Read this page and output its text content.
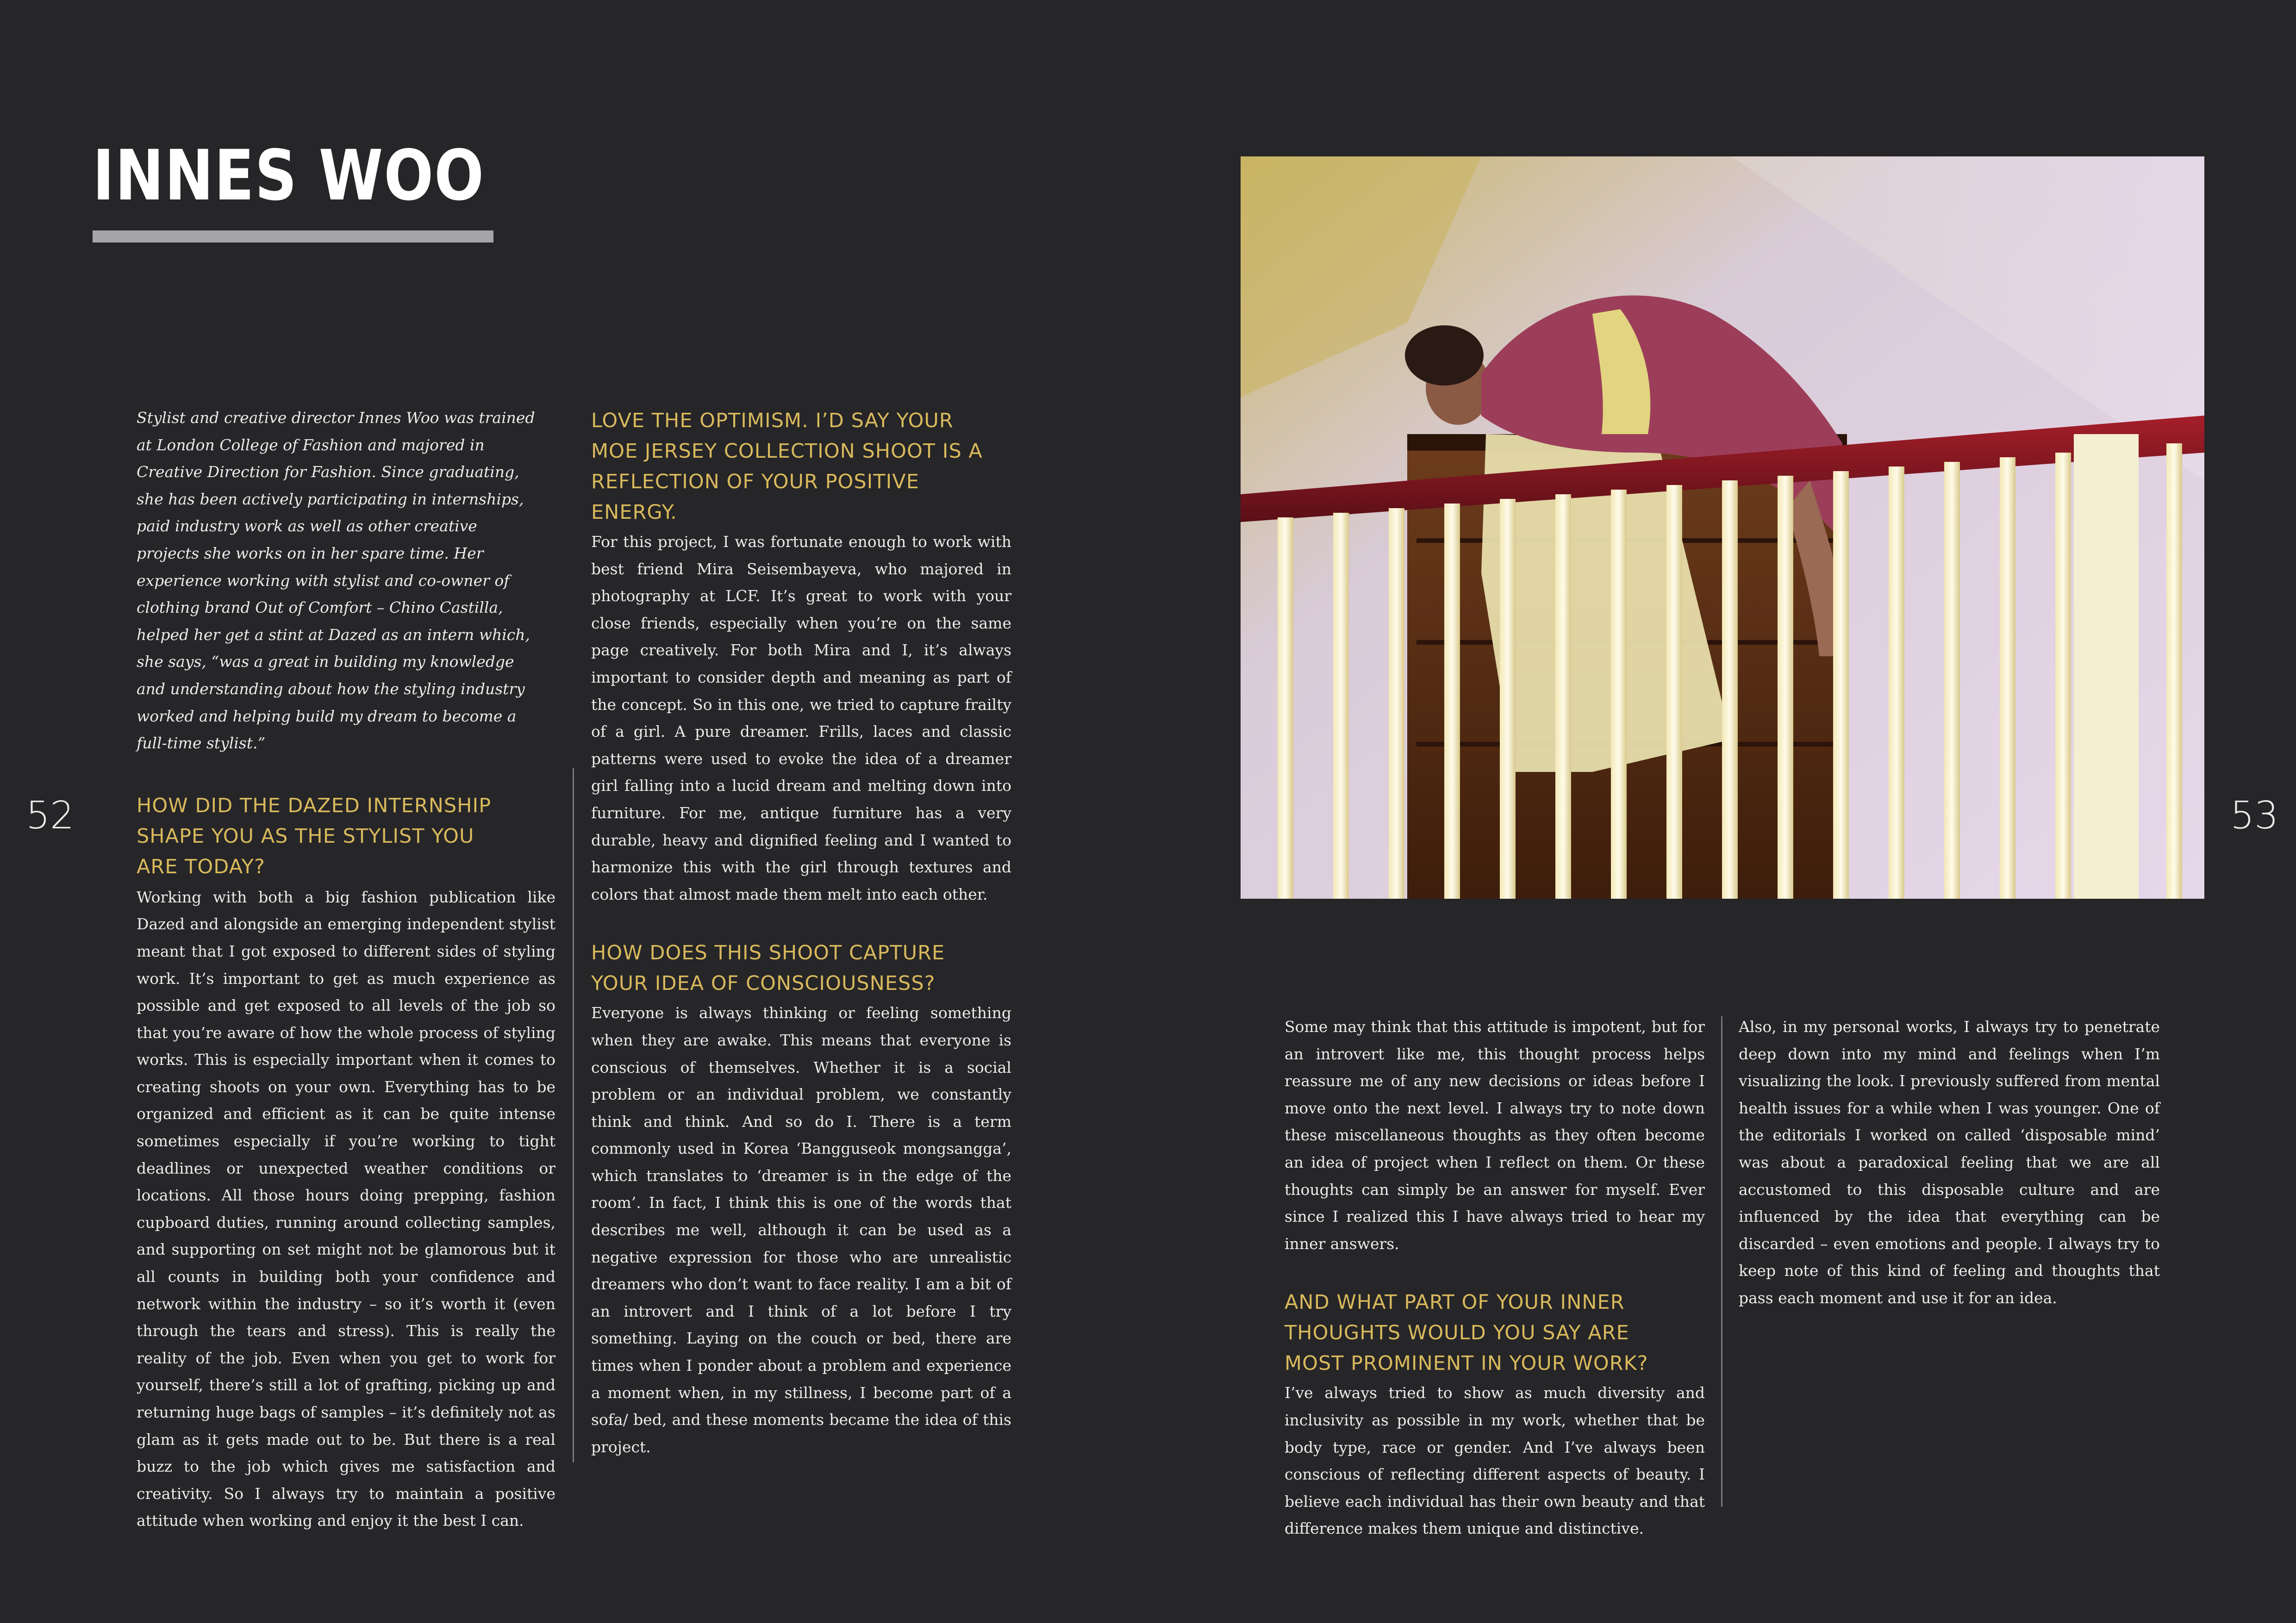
INNES WOO
52	53

Stylist and creative director Innes Woo was trained at London College of Fashion and majored in Creative Direction for Fashion. Since graduating, she has been actively participating in internships, paid industry work as well as other creative projects she works on in her spare time. Her experience working with stylist and co-owner of clothing brand Out of Comfort – Chino Castilla, helped her get a stint at Dazed as an intern which, she says, “was a great in building my knowledge and understanding about how the styling industry worked and helping build my dream to become a full-time stylist.”

HOW DID THE DAZED INTERNSHIP
SHAPE YOU AS THE STYLIST YOU
ARE TODAY?

Working with both a big fashion publication like Dazed and alongside an emerging independent stylist meant that I got exposed to different sides of styling work. It’s important to get as much experience as possible and get exposed to all levels of the job so that you’re aware of how the whole process of styling works. This is especially important when it comes to creating shoots on your own. Everything has to be organized and efficient as it can be quite intense sometimes especially if you’re working to tight deadlines or unexpected weather conditions or locations. All those hours doing prepping, fashion cupboard duties, running around collecting samples, and supporting on set might not be glamorous but it all counts in building both your confidence and network within the industry – so it’s worth it (even through the tears and stress). This is really the reality of the job. Even when you get to work for yourself, there’s still a lot of grafting, picking up and returning huge bags of samples – it’s definitely not as glam as it gets made out to be. But there is a real buzz to the job which gives me satisfaction and creativity. So I always try to maintain a positive attitude when working and enjoy it the best I can.

LOVE THE OPTIMISM. I’D SAY YOUR
MOE JERSEY COLLECTION SHOOT IS A
REFLECTION OF YOUR POSITIVE ENERGY.

For this project, I was fortunate enough to work with best friend Mira Seisembayeva, who majored in photography at LCF. It’s great to work with your close friends, especially when you’re on the same page creatively. For both Mira and I, it’s always important to consider depth and meaning as part of the concept. So in this one, we tried to capture frailty of a girl. A pure dreamer. Frills, laces and classic patterns were used to evoke the idea of a dreamer girl falling into a lucid dream and melting down into furniture. For me, antique furniture has a very durable, heavy and dignified feeling and I wanted to harmonize this with the girl through textures and colors that almost made them melt into each other.

HOW DOES THIS SHOOT CAPTURE
YOUR IDEA OF CONSCIOUSNESS?

Everyone is always thinking or feeling something when they are awake. This means that everyone is conscious of themselves. Whether it is a social problem or an individual problem, we constantly think and think. And so do I. There is a term commonly used in Korea ‘Bangguseok mongsangga’, which translates to ‘dreamer is in the edge of the room’. In fact, I think this is one of the words that describes me well, although it can be used as a negative expression for those who are unrealistic dreamers who don’t want to face reality. I am a bit of an introvert and I think of a lot before I try something. Laying on the couch or bed, there are times when I ponder about a problem and experience a moment when, in my stillness, I become part of a sofa/ bed, and these moments became the idea of this project.

Some may think that this attitude is impotent, but for an introvert like me, this thought process helps reassure me of any new decisions or ideas before I move onto the next level. I always try to note down these miscellaneous thoughts as they often become an idea of project when I reflect on them. Or these thoughts can simply be an answer for myself. Ever since I realized this I have always tried to hear my inner answers.

AND WHAT PART OF YOUR INNER
THOUGHTS WOULD YOU SAY ARE
MOST PROMINENT IN YOUR WORK?

I’ve always tried to show as much diversity and inclusivity as possible in my work, whether that be body type, race or gender. And I’ve always been conscious of reflecting different aspects of beauty. I believe each individual has their own beauty and that difference makes them unique and distinctive.

Also, in my personal works, I always try to penetrate deep down into my mind and feelings when I’m visualizing the look. I previously suffered from mental health issues for a while when I was younger. One of the editorials I worked on called ‘disposable mind’ was about a paradoxical feeling that we are all accustomed to this disposable culture and are influenced by the idea that everything can be discarded – even emotions and people. I always try to keep note of this kind of feeling and thoughts that pass each moment and use it for an idea.
